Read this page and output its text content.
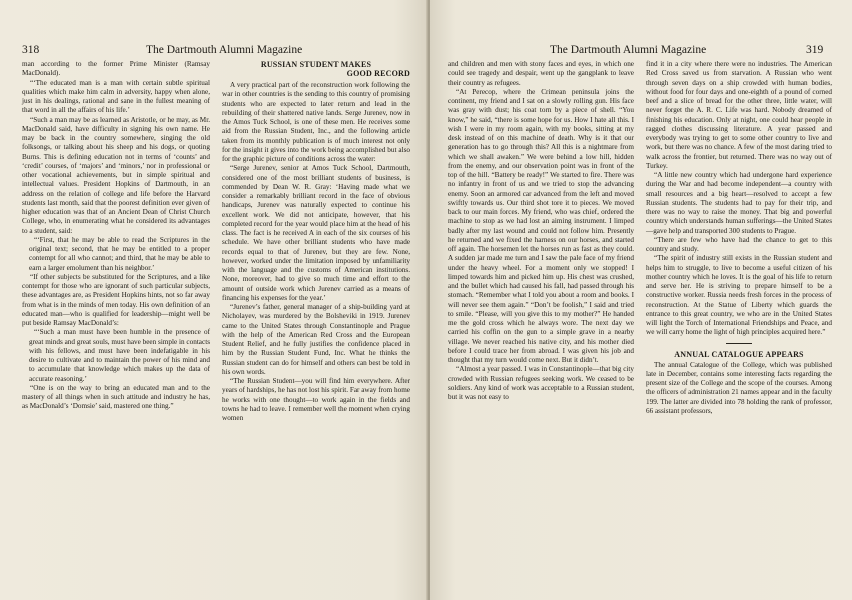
318	The Dartmouth Alumni Magazine

man according to the former Prime Minister (Ramsay MacDonald).

“‘The educated man is a man with certain subtle spiritual qualities which make him calm in adversity, happy when alone, just in his dealings, rational and sane in the fullest meaning of that word in all the affairs of his life.’

“Such a man may be as learned as Aristotle, or he may, as Mr. MacDonald said, have difficulty in signing his own name. He may be back in the country somewhere, singing the old folksongs, or talking about his sheep and his dogs, or quoting Burns. This is defining education not in terms of ‘counts’ and ‘credit’ courses, of ‘majors’ and ‘minors,’ nor in professional or other vocational achievements, but in simple spiritual and intellectual values. President Hopkins of Dartmouth, in an address on the relation of college and life before the Harvard students last month, said that the poorest definition ever given of higher education was that of an Ancient Dean of Christ Church College, who, in enumerating what he considered its advantages to a student, said:

“‘First, that he may be able to read the Scriptures in the original text; second, that he may be entitled to a proper contempt for all who cannot; and third, that he may be able to earn a larger emolument than his neighbor.’

“If other subjects be substituted for the Scriptures, and a like contempt for those who are ignorant of such particular subjects, these advantages are, as President Hopkins hints, not so far away from what is in the minds of men today. His own definition of an educated man—who is qualified for leadership—might well be put beside Ramsay MacDonald’s:

“‘Such a man must have been humble in the presence of great minds and great souls, must have been simple in contacts with his fellows, and must have been indefatigable in his desire to cultivate and to maintain the power of his mind and to accumulate that knowledge which makes up the data of accurate reasoning.’

“One is on the way to bring an educated man and to the mastery of all things when in such attitude and industry he has, as MacDonald’s ‘Domsie’ said, mastered one thing.”

RUSSIAN STUDENT MAKES
GOOD RECORD

A very practical part of the reconstruction work following the war in other countries is the sending to this country of promising students who are expected to later return and lead in the rebuilding of their shattered native lands. Serge Jurenev, now in the Amos Tuck School, is one of these men. He receives some aid from the Russian Student, Inc., and the following article taken from its monthly publication is of much interest not only for the insight it gives into the work being accomplished but also for the graphic picture of conditions across the water:

“Serge Jurenev, senior at Amos Tuck School, Dartmouth, considered one of the most brilliant students of business, is commended by Dean W. R. Gray: ‘Having made what we consider a remarkably brilliant record in the face of obvious handicaps, Jurenev was naturally expected to continue his excellent work. We did not anticipate, however, that his completed record for the year would place him at the head of his class. The fact is he received A in each of the six courses of his schedule. We have other brilliant students who have made records equal to that of Jurenev, but they are few. None, however, worked under the limitation imposed by unfamiliarity with the language and the customs of American institutions. None, moreover, had to give so much time and effort to the amount of outside work which Jurenev carried as a means of financing his expenses for the year.’

“Jurenev’s father, general manager of a ship-building yard at Nicholayev, was murdered by the Bolsheviki in 1919. Jurenev came to the United States through Constantinople and Prague with the help of the American Red Cross and the European Student Relief, and he fully justifies the confidence placed in him by the Russian Student Fund, Inc. What he thinks the Russian student can do for himself and others can best be told in his own words.

“The Russian Student—you will find him everywhere. After years of hardships, he has not lost his spirit. Far away from home he works with one thought—to work again in the fields and towns he had to leave. I remember well the moment when crying women

The Dartmouth Alumni Magazine	319

and children and men with stony faces and eyes, in which one could see tragedy and despair, went up the gangplank to leave their country as refugees.

“At Perecop, where the Crimean peninsula joins the continent, my friend and I sat on a slowly rolling gun. His face was gray with dust; his coat torn by a piece of shell. “You know,” he said, “there is some hope for us. How I hate all this. I wish I were in my room again, with my books, sitting at my desk instead of on this machine of death. Why is it that our generation has to go through this? All this is a nightmare from which we shall awaken.” We were behind a low hill, hidden from the enemy, and our observation point was in front of the top of the hill. “Battery be ready!” We started to fire. There was no infantry in front of us and we tried to stop the advancing enemy. Soon an armored car advanced from the left and moved swiftly towards us. Our third shot tore it to pieces. We moved back to our main forces. My friend, who was chief, ordered the machine to stop as we had lost an aiming instrument. I limped badly after my last wound and could not follow him. Presently he returned and we fixed the harness on our horses, and started off again. The horsemen let the horses run as fast as they could. A sudden jar made me turn and I saw the pale face of my friend under the heavy wheel. For a moment only we stopped! I limped towards him and picked him up. His chest was crushed, and the bullet which had caused his fall, had passed through his stomach. “Remember what I told you about a room and books. I will never see them again.” “Don’t be foolish,” I said and tried to smile. “Please, will you give this to my mother?” He handed me the gold cross which he always wore. The next day we carried his coffin on the gun to a simple grave in a nearby village. We never reached his native city, and his mother died before I could trace her from abroad. I was given his job and thought that my turn would come next. But it didn’t.

“Almost a year passed. I was in Constantinople—that big city crowded with Russian refugees seeking work. We ceased to be soldiers. Any kind of work was acceptable to a Russian student, but it was not easy to

find it in a city where there were no industries. The American Red Cross saved us from starvation. A Russian who went through seven days on a ship crowded with human bodies, without food for four days and one-eighth of a pound of corned beef and a slice of bread for the other three, little water, will never forget the A. R. C. Life was hard. Nobody dreamed of finishing his education. Only at night, one could hear people in ragged clothes discussing literature. A year passed and everybody was trying to get to some other country to live and work, but there was no chance. A few of the most daring tried to walk across the frontier, but returned. There was no way out of Turkey.

“A little new country which had undergone hard experience during the War and had become independent—a country with small resources and a big heart—resolved to accept a few Russian students. The students had to pay for their trip, and there was no way to raise the money. That big and powerful country which understands human sufferings—the United States—gave help and transported 300 students to Prague.

“There are few who have had the chance to get to this country and study.

“The spirit of industry still exists in the Russian student and helps him to struggle, to live to become a useful citizen of his mother country which he loves. It is the goal of his life to return and serve her. He is striving to prepare himself to be a constructive worker. Russia needs fresh forces in the process of reconstruction. At the Statue of Liberty which guards the entrance to this great country, we who are in the United States will light the Torch of International Friendships and Peace, and we will carry home the light of high principles acquired here.”

ANNUAL CATALOGUE APPEARS

The annual Catalogue of the College, which was published late in December, contains some interesting facts regarding the present size of the College and the scope of the courses. Among the officers of administration 21 names appear and in the faculty 199. The latter are divided into 78 holding the rank of professor, 66 assistant professors,
